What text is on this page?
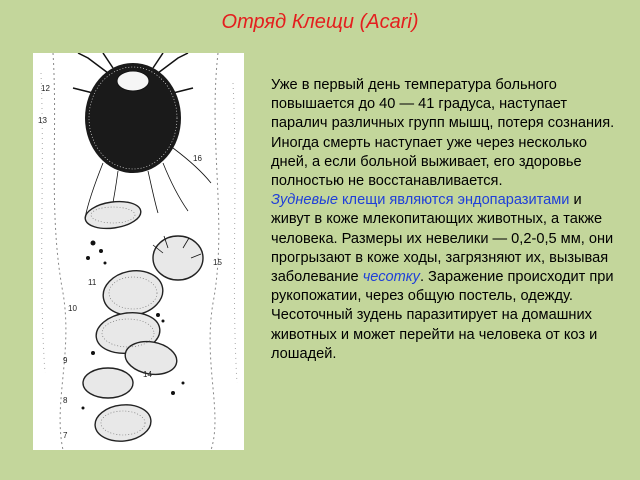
Отряд Клещи (Acari)
12
13
16
15
11
10
14
9
8
7
Уже в первый день температура больного повышается до 40 — 41 градуса, наступает паралич различных групп мышц, потеря сознания. Иногда смерть наступает уже через несколько дней, а если больной выживает, его здоровье полностью не восстанавливается.
Зудневые клещи являются эндопаразитами и живут в коже млекопитающих животных, а также человека. Размеры их невелики — 0,2-0,5 мм, они прогрызают в коже ходы, загрязняют их, вызывая заболевание чесотку. Заражение происходит при рукопожатии, через общую постель, одежду. Чесоточный зудень паразитирует на домашних животных и может перейти на человека от коз и лошадей.
